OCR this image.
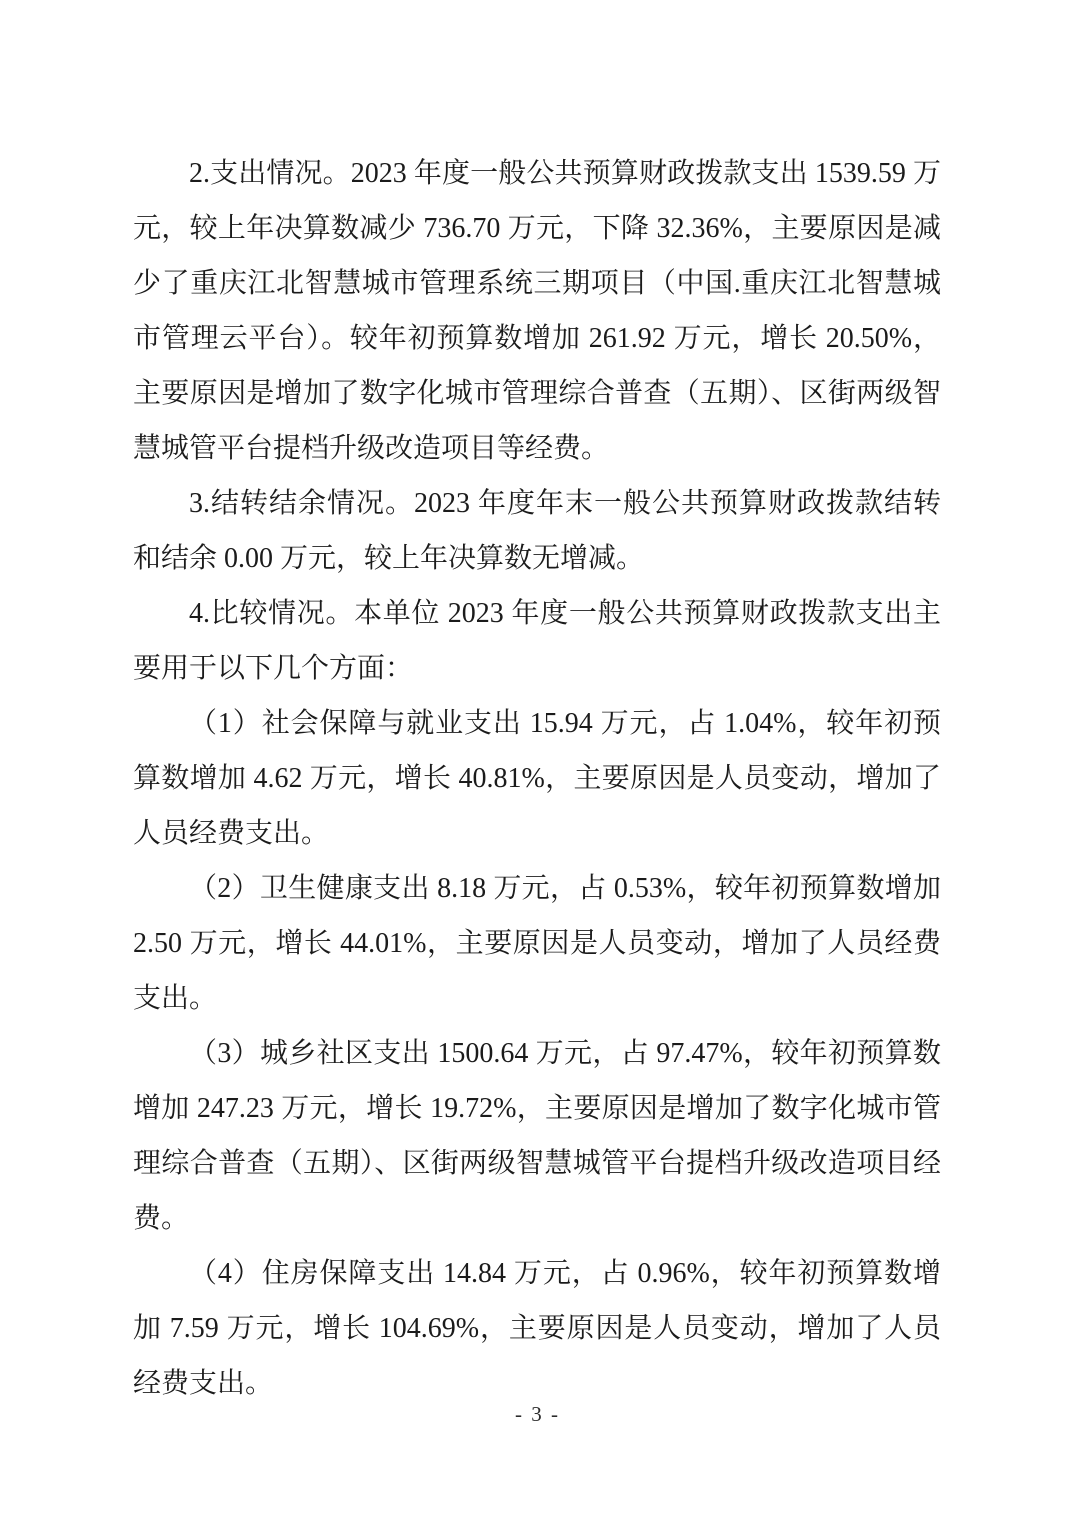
2.支出情况。2023 年度一般公共预算财政拨款支出 1539.59 万元，较上年决算数减少 736.70 万元，下降 32.36%，主要原因是减少了重庆江北智慧城市管理系统三期项目（中国.重庆江北智慧城市管理云平台）。较年初预算数增加 261.92 万元，增长 20.50%，主要原因是增加了数字化城市管理综合普查（五期）、区街两级智慧城管平台提档升级改造项目等经费。

3.结转结余情况。2023 年度年末一般公共预算财政拨款结转和结余 0.00 万元，较上年决算数无增减。

4.比较情况。本单位 2023 年度一般公共预算财政拨款支出主要用于以下几个方面：

（1）社会保障与就业支出 15.94 万元，占 1.04%，较年初预算数增加 4.62 万元，增长 40.81%，主要原因是人员变动，增加了人员经费支出。

（2）卫生健康支出 8.18 万元，占 0.53%，较年初预算数增加 2.50 万元，增长 44.01%，主要原因是人员变动，增加了人员经费支出。

（3）城乡社区支出 1500.64 万元，占 97.47%，较年初预算数增加 247.23 万元，增长 19.72%，主要原因是增加了数字化城市管理综合普查（五期）、区街两级智慧城管平台提档升级改造项目经费。

（4）住房保障支出 14.84 万元，占 0.96%，较年初预算数增加 7.59 万元，增长 104.69%，主要原因是人员变动，增加了人员经费支出。

- 3 -
